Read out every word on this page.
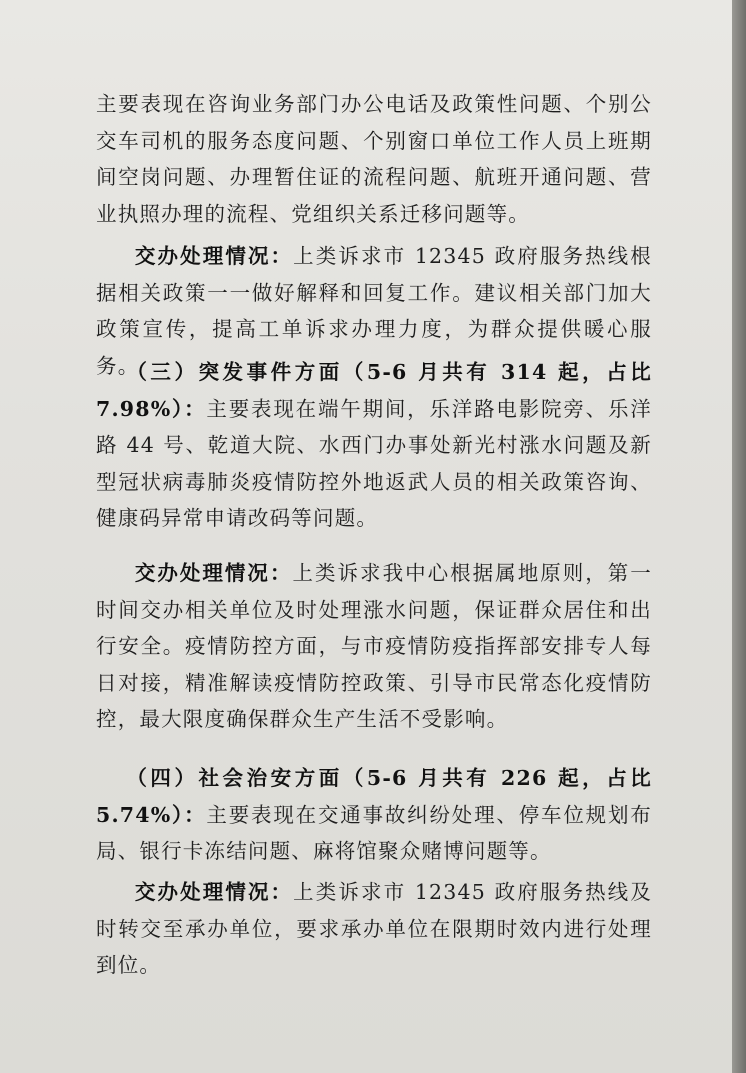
主要表现在咨询业务部门办公电话及政策性问题、个别公交车司机的服务态度问题、个别窗口单位工作人员上班期间空岗问题、办理暂住证的流程问题、航班开通问题、营业执照办理的流程、党组织关系迁移问题等。

交办处理情况：上类诉求市 12345 政府服务热线根据相关政策一一做好解释和回复工作。建议相关部门加大政策宣传，提高工单诉求办理力度，为群众提供暖心服务。

（三）突发事件方面（5-6 月共有 314 起，占比 7.98%）：主要表现在端午期间，乐洋路电影院旁、乐洋路 44 号、乾道大院、水西门办事处新光村涨水问题及新型冠状病毒肺炎疫情防控外地返武人员的相关政策咨询、健康码异常申请改码等问题。

交办处理情况：上类诉求我中心根据属地原则，第一时间交办相关单位及时处理涨水问题，保证群众居住和出行安全。疫情防控方面，与市疫情防疫指挥部安排专人每日对接，精准解读疫情防控政策、引导市民常态化疫情防控，最大限度确保群众生产生活不受影响。

（四）社会治安方面（5-6 月共有 226 起，占比 5.74%）：主要表现在交通事故纠纷处理、停车位规划布局、银行卡冻结问题、麻将馆聚众赌博问题等。

交办处理情况：上类诉求市 12345 政府服务热线及时转交至承办单位，要求承办单位在限期时效内进行处理到位。
